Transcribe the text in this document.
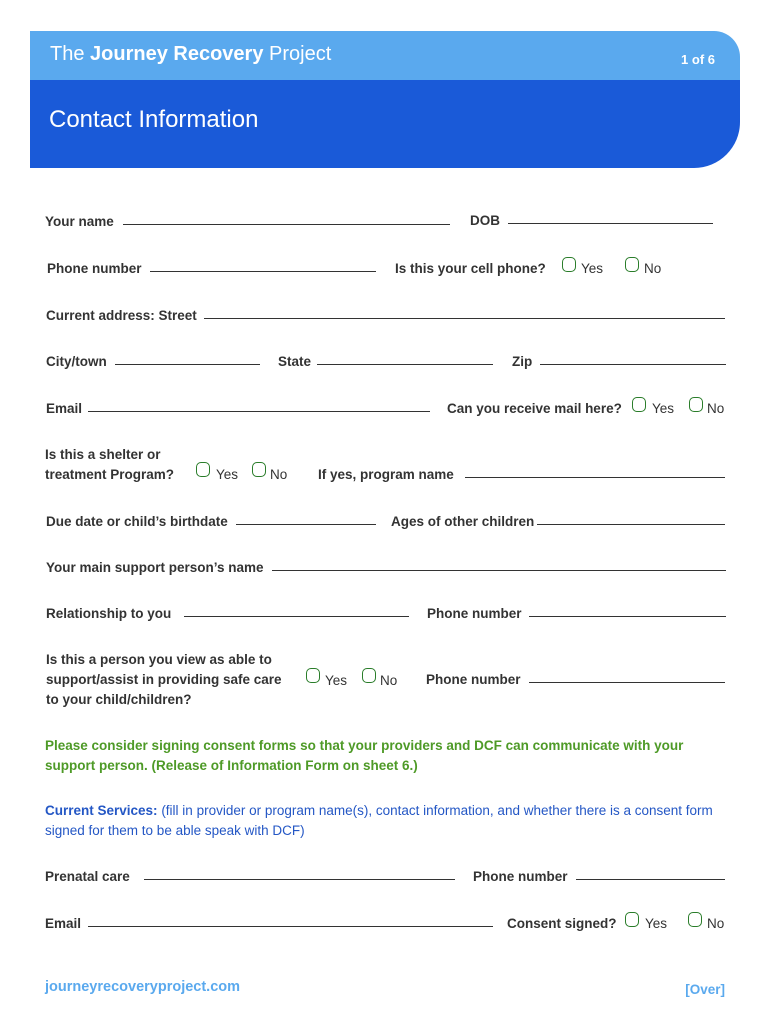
The Journey Recovery Project	1 of 6
Contact Information
Your name	DOB
Phone number	Is this your cell phone?	Yes	No
Current address: Street
City/town	State	Zip
Email	Can you receive mail here? Yes No
Is this a shelter or
treatment Program?	Yes No If yes, program name
Due date or child’s birthdate	Ages of other children
Your main support person’s name
Relationship to you	Phone number
Is this a person you view as able to
support/assist in providing safe care
to your child/children?
Yes No Phone number
Please consider signing consent forms so that your providers and DCF can communicate with your support person. (Release of Information Form on sheet 6.)
Current Services: (fill in provider or program name(s), contact information, and whether there is a consent form signed for them to be able speak with DCF)
Prenatal care	Phone number
Email	Consent signed? Yes	No
journeyrecoveryproject.com	[Over]
